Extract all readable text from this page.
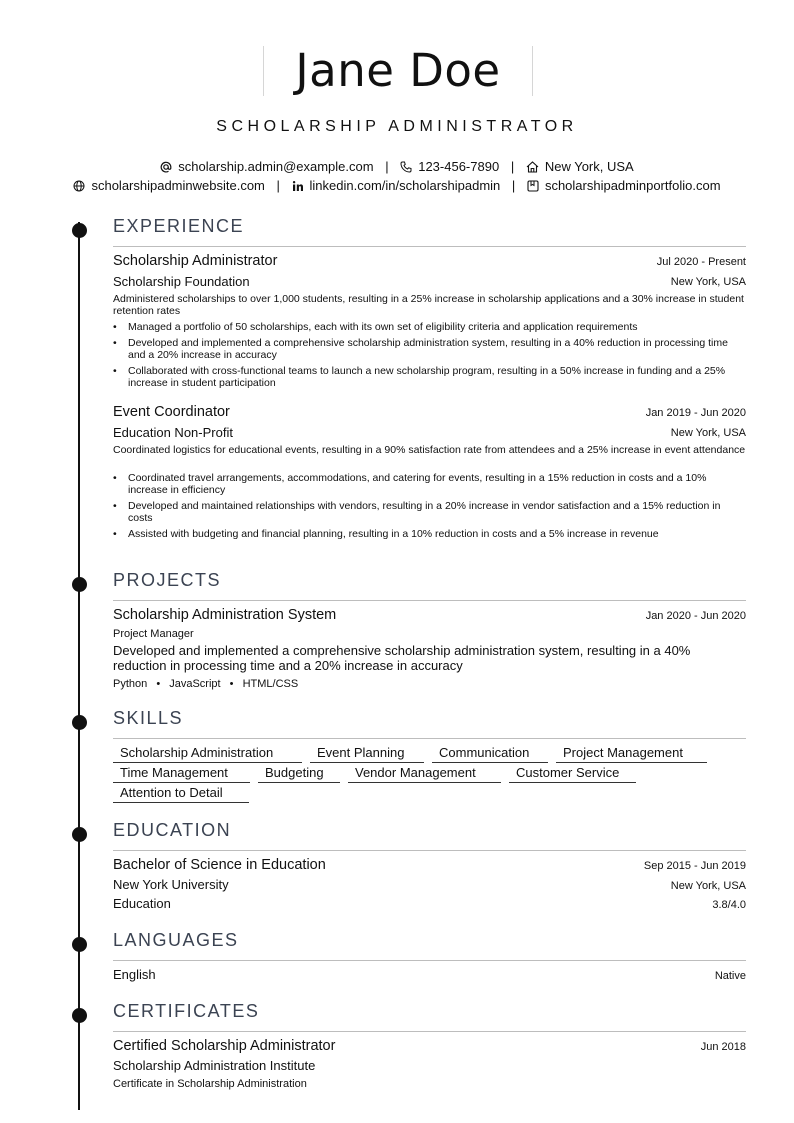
Jane Doe
SCHOLARSHIP ADMINISTRATOR
scholarship.admin@example.com | 123-456-7890 | New York, USA
scholarshipadminwebsite.com | linkedin.com/in/scholarshipadmin | scholarshipadminportfolio.com
EXPERIENCE
Scholarship Administrator	Jul 2020 - Present
Scholarship Foundation	New York, USA
Administered scholarships to over 1,000 students, resulting in a 25% increase in scholarship applications and a 30% increase in student retention rates
• Managed a portfolio of 50 scholarships, each with its own set of eligibility criteria and application requirements
• Developed and implemented a comprehensive scholarship administration system, resulting in a 40% reduction in processing time and a 20% increase in accuracy
• Collaborated with cross-functional teams to launch a new scholarship program, resulting in a 50% increase in funding and a 25% increase in student participation
Event Coordinator	Jan 2019 - Jun 2020
Education Non-Profit	New York, USA
Coordinated logistics for educational events, resulting in a 90% satisfaction rate from attendees and a 25% increase in event attendance
• Coordinated travel arrangements, accommodations, and catering for events, resulting in a 15% reduction in costs and a 10% increase in efficiency
• Developed and maintained relationships with vendors, resulting in a 20% increase in vendor satisfaction and a 15% reduction in costs
• Assisted with budgeting and financial planning, resulting in a 10% reduction in costs and a 5% increase in revenue
PROJECTS
Scholarship Administration System	Jan 2020 - Jun 2020
Project Manager
Developed and implemented a comprehensive scholarship administration system, resulting in a 40% reduction in processing time and a 20% increase in accuracy
Python • JavaScript • HTML/CSS
SKILLS
Scholarship Administration	Event Planning	Communication	Project Management
Time Management	Budgeting	Vendor Management	Customer Service
Attention to Detail
EDUCATION
Bachelor of Science in Education	Sep 2015 - Jun 2019
New York University	New York, USA
Education	3.8/4.0
LANGUAGES
English	Native
CERTIFICATES
Certified Scholarship Administrator	Jun 2018
Scholarship Administration Institute
Certificate in Scholarship Administration
